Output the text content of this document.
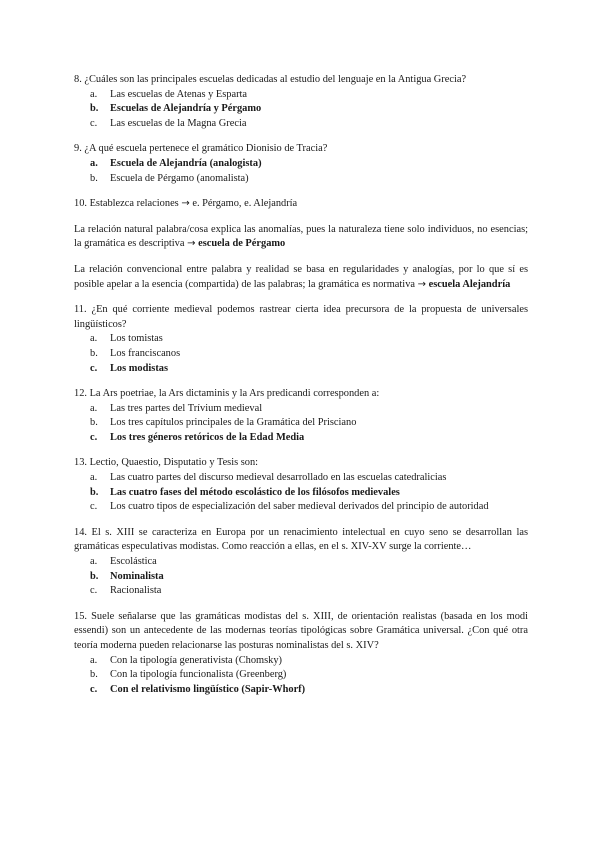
8. ¿Cuáles son las principales escuelas dedicadas al estudio del lenguaje en la Antigua Grecia?
a.	Las escuelas de Atenas y Esparta
b.	Escuelas de Alejandría y Pérgamo
c.	Las escuelas de la Magna Grecia
9. ¿A qué escuela pertenece el gramático Dionisio de Tracia?
a.	Escuela de Alejandría (analogista)
b.	Escuela de Pérgamo (anomalista)
10. Establezca relaciones → e. Pérgamo, e. Alejandría
La relación natural palabra/cosa explica las anomalías, pues la naturaleza tiene solo individuos, no esencias; la gramática es descriptiva → escuela de Pérgamo
La relación convencional entre palabra y realidad se basa en regularidades y analogías, por lo que sí es posible apelar a la esencia (compartida) de las palabras; la gramática es normativa → escuela Alejandría
11. ¿En qué corriente medieval podemos rastrear cierta idea precursora de la propuesta de universales lingüísticos?
a.	Los tomistas
b.	Los franciscanos
c.	Los modistas
12. La Ars poetriae, la Ars dictaminis y la Ars predicandi corresponden a:
a.	Las tres partes del Trívium medieval
b.	Los tres capítulos principales de la Gramática del Prisciano
c.	Los tres géneros retóricos de la Edad Media
13. Lectio, Quaestio, Disputatio y Tesis son:
a.	Las cuatro partes del discurso medieval desarrollado en las escuelas catedralicias
b.	Las cuatro fases del método escolástico de los filósofos medievales
c.	Los cuatro tipos de especialización del saber medieval derivados del principio de autoridad
14. El s. XIII se caracteriza en Europa por un renacimiento intelectual en cuyo seno se desarrollan las gramáticas especulativas modistas. Como reacción a ellas, en el s. XIV-XV surge la corriente…
a.	Escolástica
b.	Nominalista
c.	Racionalista
15. Suele señalarse que las gramáticas modistas del s. XIII, de orientación realistas (basada en los modi essendi) son un antecedente de las modernas teorías tipológicas sobre Gramática universal. ¿Con qué otra teoría moderna pueden relacionarse las posturas nominalistas del s. XIV?
a.	Con la tipología generativista (Chomsky)
b.	Con la tipología funcionalista (Greenberg)
c.	Con el relativismo lingüístico (Sapir-Whorf)
